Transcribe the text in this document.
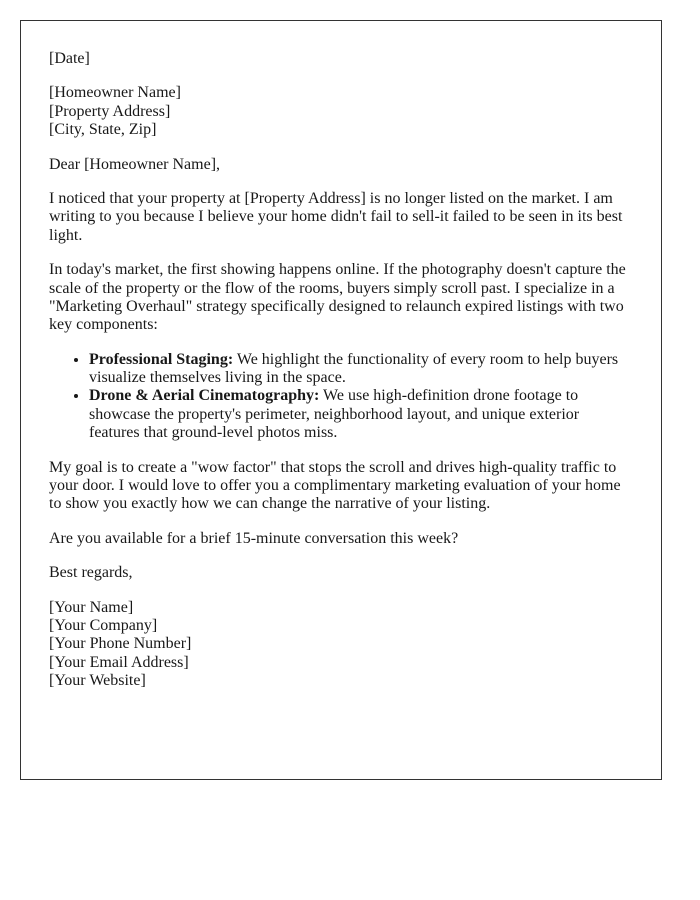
[Date]

[Homeowner Name]
[Property Address]
[City, State, Zip]

Dear [Homeowner Name],

I noticed that your property at [Property Address] is no longer listed on the market. I am writing to you because I believe your home didn't fail to sell-it failed to be seen in its best light.

In today's market, the first showing happens online. If the photography doesn't capture the scale of the property or the flow of the rooms, buyers simply scroll past. I specialize in a "Marketing Overhaul" strategy specifically designed to relaunch expired listings with two key components:

• Professional Staging: We highlight the functionality of every room to help buyers visualize themselves living in the space.
• Drone & Aerial Cinematography: We use high-definition drone footage to showcase the property's perimeter, neighborhood layout, and unique exterior features that ground-level photos miss.

My goal is to create a "wow factor" that stops the scroll and drives high-quality traffic to your door. I would love to offer you a complimentary marketing evaluation of your home to show you exactly how we can change the narrative of your listing.

Are you available for a brief 15-minute conversation this week?

Best regards,

[Your Name]
[Your Company]
[Your Phone Number]
[Your Email Address]
[Your Website]
